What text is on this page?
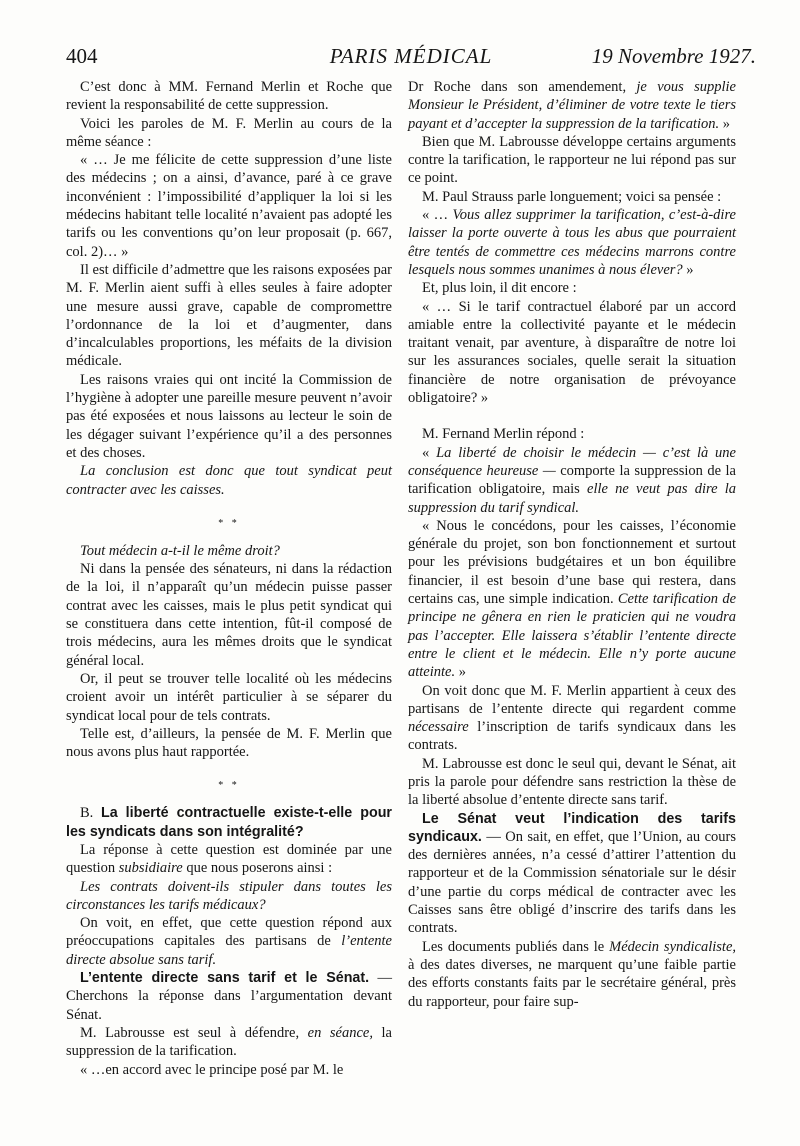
404	PARIS MÉDICAL	19 Novembre 1927.

C’est donc à MM. Fernand Merlin et Roche que revient la responsabilité de cette suppression.

Voici les paroles de M. F. Merlin au cours de la même séance :

« … Je me félicite de cette suppression d’une liste des médecins ; on a ainsi, d’avance, paré à ce grave inconvénient : l’impossibilité d’appliquer la loi si les médecins habitant telle localité n’avaient pas adopté les tarifs ou les conventions qu’on leur proposait (p. 667, col. 2)… »

Il est difficile d’admettre que les raisons exposées par M. F. Merlin aient suffi à elles seules à faire adopter une mesure aussi grave, capable de compromettre l’ordonnance de la loi et d’augmenter, dans d’incalculables proportions, les méfaits de la division médicale.

Les raisons vraies qui ont incité la Commission de l’hygiène à adopter une pareille mesure peuvent n’avoir pas été exposées et nous laissons au lecteur le soin de les dégager suivant l’expérience qu’il a des personnes et des choses.

La conclusion est donc que tout syndicat peut contracter avec les caisses.

* *

Tout médecin a-t-il le même droit?

Ni dans la pensée des sénateurs, ni dans la rédaction de la loi, il n’apparaît qu’un médecin puisse passer contrat avec les caisses, mais le plus petit syndicat qui se constituera dans cette intention, fût-il composé de trois médecins, aura les mêmes droits que le syndicat général local.

Or, il peut se trouver telle localité où les médecins croient avoir un intérêt particulier à se séparer du syndicat local pour de tels contrats.

Telle est, d’ailleurs, la pensée de M. F. Merlin que nous avons plus haut rapportée.

* *

B. La liberté contractuelle existe-t-elle pour les syndicats dans son intégralité?

La réponse à cette question est dominée par une question subsidiaire que nous poserons ainsi :

Les contrats doivent-ils stipuler dans toutes les circonstances les tarifs médicaux?

On voit, en effet, que cette question répond aux préoccupations capitales des partisans de l’entente directe absolue sans tarif.

L’entente directe sans tarif et le Sénat. — Cherchons la réponse dans l’argumentation devant Sénat.

M. Labrousse est seul à défendre, en séance, la suppression de la tarification.

« …en accord avec le principe posé par M. le

Dr Roche dans son amendement, je vous supplie Monsieur le Président, d’éliminer de votre texte le tiers payant et d’accepter la suppression de la tarification. »

Bien que M. Labrousse développe certains arguments contre la tarification, le rapporteur ne lui répond pas sur ce point.

M. Paul Strauss parle longuement; voici sa pensée :

« … Vous allez supprimer la tarification, c’est-à-dire laisser la porte ouverte à tous les abus que pourraient être tentés de commettre ces médecins marrons contre lesquels nous sommes unanimes à nous élever? »

Et, plus loin, il dit encore :

« … Si le tarif contractuel élaboré par un accord amiable entre la collectivité payante et le médecin traitant venait, par aventure, à disparaître de notre loi sur les assurances sociales, quelle serait la situation financière de notre organisation de prévoyance obligatoire? »

M. Fernand Merlin répond :

« La liberté de choisir le médecin — c’est là une conséquence heureuse — comporte la suppression de la tarification obligatoire, mais elle ne veut pas dire la suppression du tarif syndical.

« Nous le concédons, pour les caisses, l’économie générale du projet, son bon fonctionnement et surtout pour les prévisions budgétaires et un bon équilibre financier, il est besoin d’une base qui restera, dans certains cas, une simple indication. Cette tarification de principe ne gênera en rien le praticien qui ne voudra pas l’accepter. Elle laissera s’établir l’entente directe entre le client et le médecin. Elle n’y porte aucune atteinte. »

On voit donc que M. F. Merlin appartient à ceux des partisans de l’entente directe qui regardent comme nécessaire l’inscription de tarifs syndicaux dans les contrats.

M. Labrousse est donc le seul qui, devant le Sénat, ait pris la parole pour défendre sans restriction la thèse de la liberté absolue d’entente directe sans tarif.

Le Sénat veut l’indication des tarifs syndicaux. — On sait, en effet, que l’Union, au cours des dernières années, n’a cessé d’attirer l’attention du rapporteur et de la Commission sénatoriale sur le désir d’une partie du corps médical de contracter avec les Caisses sans être obligé d’inscrire des tarifs dans les contrats.

Les documents publiés dans le Médecin syndicaliste, à des dates diverses, ne marquent qu’une faible partie des efforts constants faits par le secrétaire général, près du rapporteur, pour faire sup-
